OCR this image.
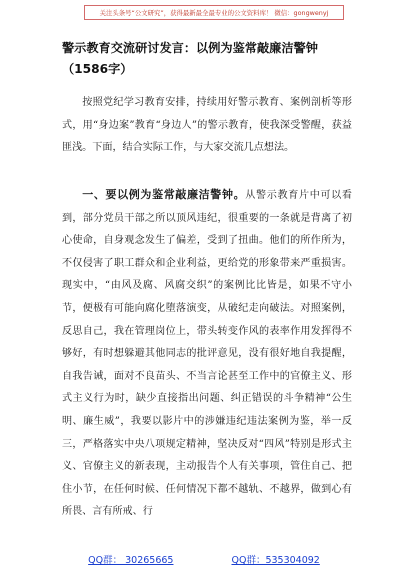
关注头条号“公文研究”，获得最新最全最专业的公文资料库！ 微信：gongwenyj
警示教育交流研讨发言：以例为鉴常敲廉洁警钟（1586字）

按照党纪学习教育安排，持续用好警示教育、案例剖析等形式，用“身边案”教育“身边人”的警示教育，使我深受警醒，获益匪浅。下面，结合实际工作，与大家交流几点想法。

一、要以例为鉴常敲廉洁警钟。从警示教育片中可以看到，部分党员干部之所以顶风违纪，很重要的一条就是背离了初心使命，自身观念发生了偏差，受到了扭曲。他们的所作所为，不仅侵害了职工群众和企业利益，更给党的形象带来严重损害。现实中，“由风及腐、风腐交织”的案例比比皆是，如果不守小节，便极有可能向腐化堕落演变，从破纪走向破法。对照案例，反思自己，我在管理岗位上，带头转变作风的表率作用发挥得不够好，有时想躲避其他同志的批评意见，没有很好地自我提醒，自我告诫，面对不良苗头、不当言论甚至工作中的官僚主义、形式主义行为时，缺少直接指出问题、纠正错误的斗争精神“公生明、廉生威”，我要以影片中的涉嫌违纪违法案例为鉴，举一反三，严格落实中央八项规定精神，坚决反对“四风”特别是形式主义、官僚主义的新表现，主动报告个人有关事项，管住自己、把住小节，在任何时候、任何情况下都不越轨、不越界，做到心有所畏、言有所戒、行

QQ群： 30265665	QQ群：535304092
